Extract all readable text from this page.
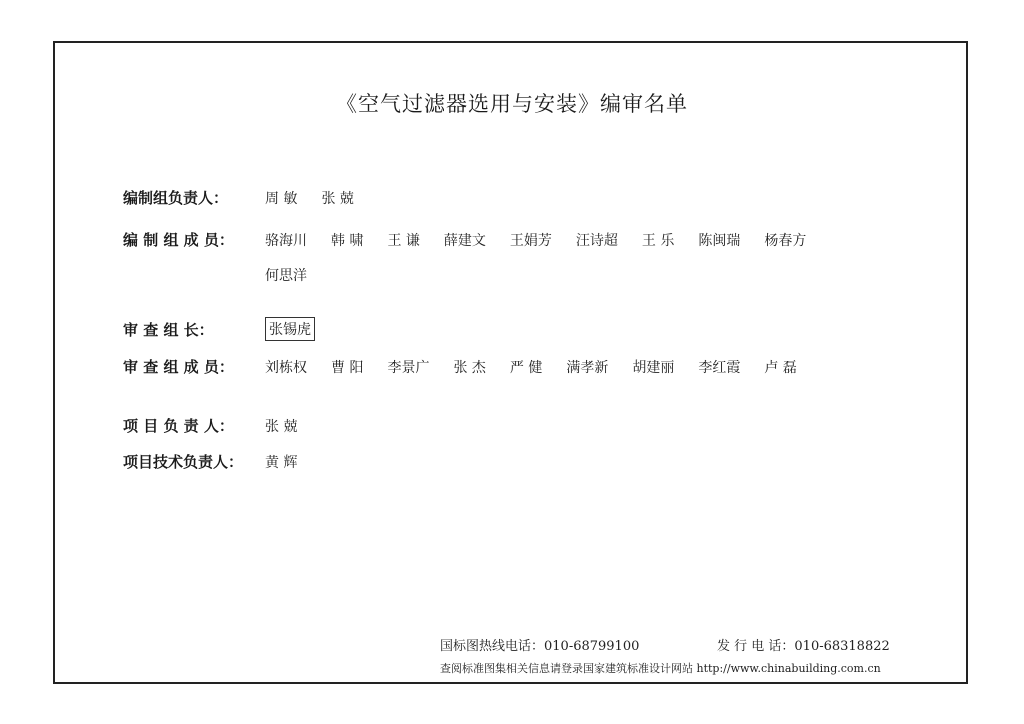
《空气过滤器选用与安装》编审名单
编制组负责人：	周 敏 张 兢
编 制 组 成 员：	骆海川 韩 啸 王 谦 薛建文 王娟芳 汪诗超 王 乐 陈闽瑞 杨春方
何思洋
审 查 组 长：	张锡虎
审 查 组 成 员：	刘栋权 曹 阳 李景广 张 杰 严 健 满孝新 胡建丽 李红霞 卢 磊
项 目 负 责 人：	张 兢
项目技术负责人：	黄 辉
国标图热线电话：010-68799100	发 行 电 话：010-68318822
查阅标准图集相关信息请登录国家建筑标准设计网站 http://www.chinabuilding.com.cn
